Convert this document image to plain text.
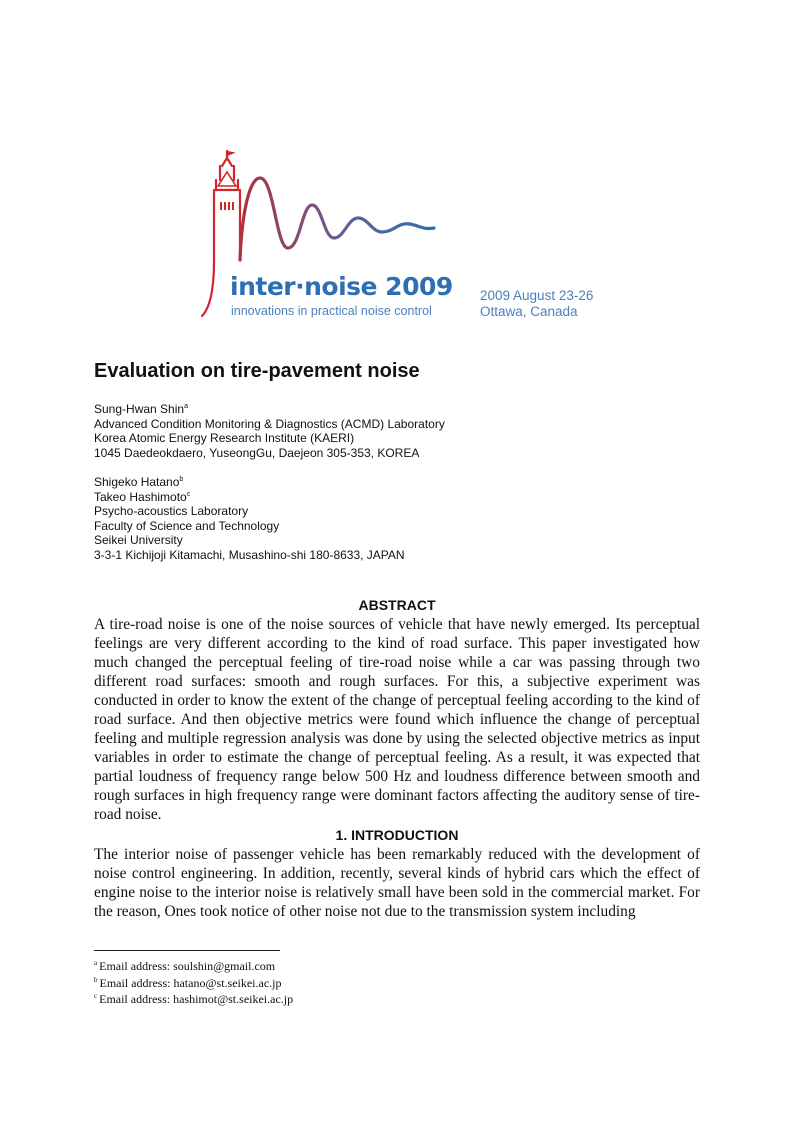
inter·noise 2009
innovations in practical noise control
2009 August 23-26
Ottawa, Canada
Evaluation on tire-pavement noise
Sung-Hwan Shin$^a$
Advanced Condition Monitoring & Diagnostics (ACMD) Laboratory
Korea Atomic Energy Research Institute (KAERI)
1045 Daedeokdaero, YuseongGu, Daejeon 305-353, KOREA
Shigeko Hatano$^b$
Takeo Hashimoto$^c$
Psycho-acoustics Laboratory
Faculty of Science and Technology
Seikei University
3-3-1 Kichijoji Kitamachi, Musashino-shi 180-8633, JAPAN
ABSTRACT

A tire-road noise is one of the noise sources of vehicle that have newly emerged. Its perceptual feelings are very different according to the kind of road surface. This paper investigated how much changed the perceptual feeling of tire-road noise while a car was passing through two different road surfaces: smooth and rough surfaces. For this, a subjective experiment was conducted in order to know the extent of the change of perceptual feeling according to the kind of road surface. And then objective metrics were found which influence the change of perceptual feeling and multiple regression analysis was done by using the selected objective metrics as input variables in order to estimate the change of perceptual feeling. As a result, it was expected that partial loudness of frequency range below 500 Hz and loudness difference between smooth and rough surfaces in high frequency range were dominant factors affecting the auditory sense of tire-road noise.

1. INTRODUCTION

The interior noise of passenger vehicle has been remarkably reduced with the development of noise control engineering. In addition, recently, several kinds of hybrid cars which the effect of engine noise to the interior noise is relatively small have been sold in the commercial market. For the reason, Ones took notice of other noise not due to the transmission system including

$^a$ Email address: soulshin@gmail.com
$^b$ Email address: hatano@st.seikei.ac.jp
$^c$ Email address: hashimot@st.seikei.ac.jp
